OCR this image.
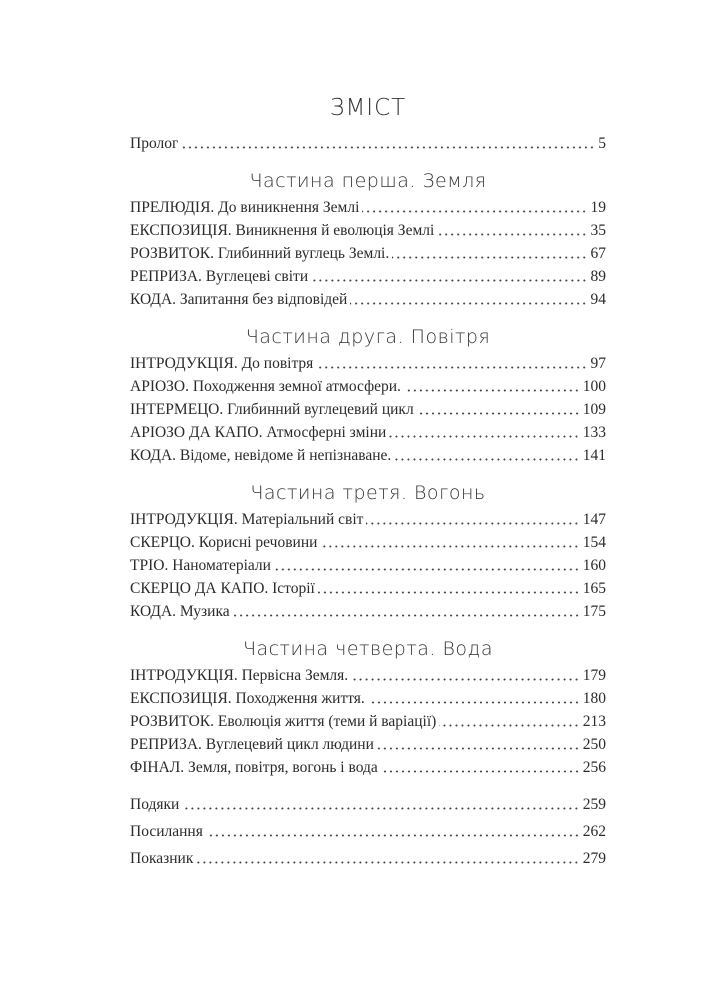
ЗМІСТ
Пролог	5
Частина перша. Земля
ПРЕЛЮДІЯ. До виникнення Землі	19
ЕКСПОЗИЦІЯ. Виникнення й еволюція Землі	35
РОЗВИТОК. Глибинний вуглець Землі.	67
РЕПРИЗА. Вуглецеві світи	89
КОДА. Запитання без відповідей	94
Частина друга. Повітря
ІНТРОДУКЦІЯ. До повітря	97
АРІОЗО. Походження земної атмосфери.	100
ІНТЕРМЕЦО. Глибинний вуглецевий цикл	109
АРІОЗО ДА КАПО. Атмосферні зміни	133
КОДА. Відоме, невідоме й непізнаване.	141
Частина третя. Вогонь
ІНТРОДУКЦІЯ. Матеріальний світ	147
СКЕРЦО. Корисні речовини	154
ТРІО. Наноматеріали	160
СКЕРЦО ДА КАПО. Історії	165
КОДА. Музика	175
Частина четверта. Вода
ІНТРОДУКЦІЯ. Первісна Земля.	179
ЕКСПОЗИЦІЯ. Походження життя.	180
РОЗВИТОК. Еволюція життя (теми й варіації)	213
РЕПРИЗА. Вуглецевий цикл людини	250
ФІНАЛ. Земля, повітря, вогонь і вода	256
Подяки	259
Посилання	262
Показник	279
